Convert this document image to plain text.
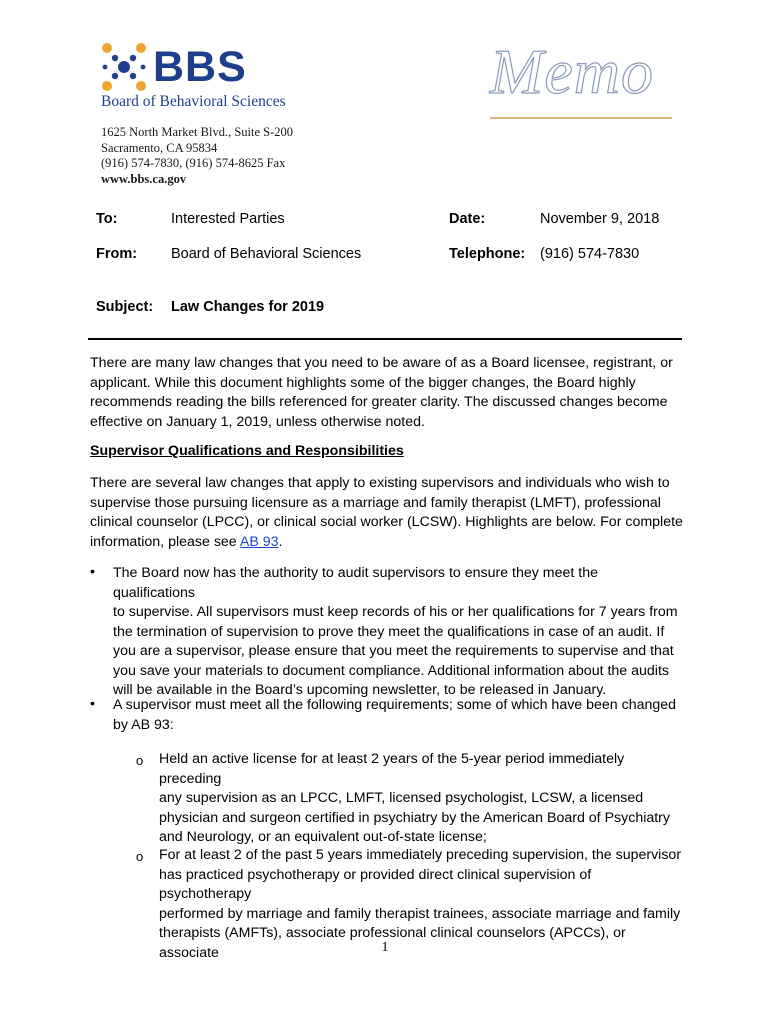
BBS
Board of Behavioral Sciences	Memo
1625 North Market Blvd., Suite S-200
Sacramento, CA 95834
(916) 574-7830, (916) 574-8625 Fax
www.bbs.ca.gov
To:	Interested Parties	Date:	November 9, 2018
From: Board of Behavioral Sciences	Telephone: (916) 574-7830
Subject: Law Changes for 2019
There are many law changes that you need to be aware of as a Board licensee, registrant, or
applicant. While this document highlights some of the bigger changes, the Board highly
recommends reading the bills referenced for greater clarity. The discussed changes become
effective on January 1, 2019, unless otherwise noted.
Supervisor Qualifications and Responsibilities
There are several law changes that apply to existing supervisors and individuals who wish to
supervise those pursuing licensure as a marriage and family therapist (LMFT), professional
clinical counselor (LPCC), or clinical social worker (LCSW). Highlights are below. For complete
information, please see AB 93.
• The Board now has the authority to audit supervisors to ensure they meet the qualifications
to supervise. All supervisors must keep records of his or her qualifications for 7 years from
the termination of supervision to prove they meet the qualifications in case of an audit. If
you are a supervisor, please ensure that you meet the requirements to supervise and that
you save your materials to document compliance. Additional information about the audits
will be available in the Board’s upcoming newsletter, to be released in January.
• A supervisor must meet all the following requirements; some of which have been changed
by AB 93:
o Held an active license for at least 2 years of the 5-year period immediately preceding
any supervision as an LPCC, LMFT, licensed psychologist, LCSW, a licensed
physician and surgeon certified in psychiatry by the American Board of Psychiatry
and Neurology, or an equivalent out-of-state license;
o For at least 2 of the past 5 years immediately preceding supervision, the supervisor
has practiced psychotherapy or provided direct clinical supervision of psychotherapy
performed by marriage and family therapist trainees, associate marriage and family
therapists (AMFTs), associate professional clinical counselors (APCCs), or associate	1
